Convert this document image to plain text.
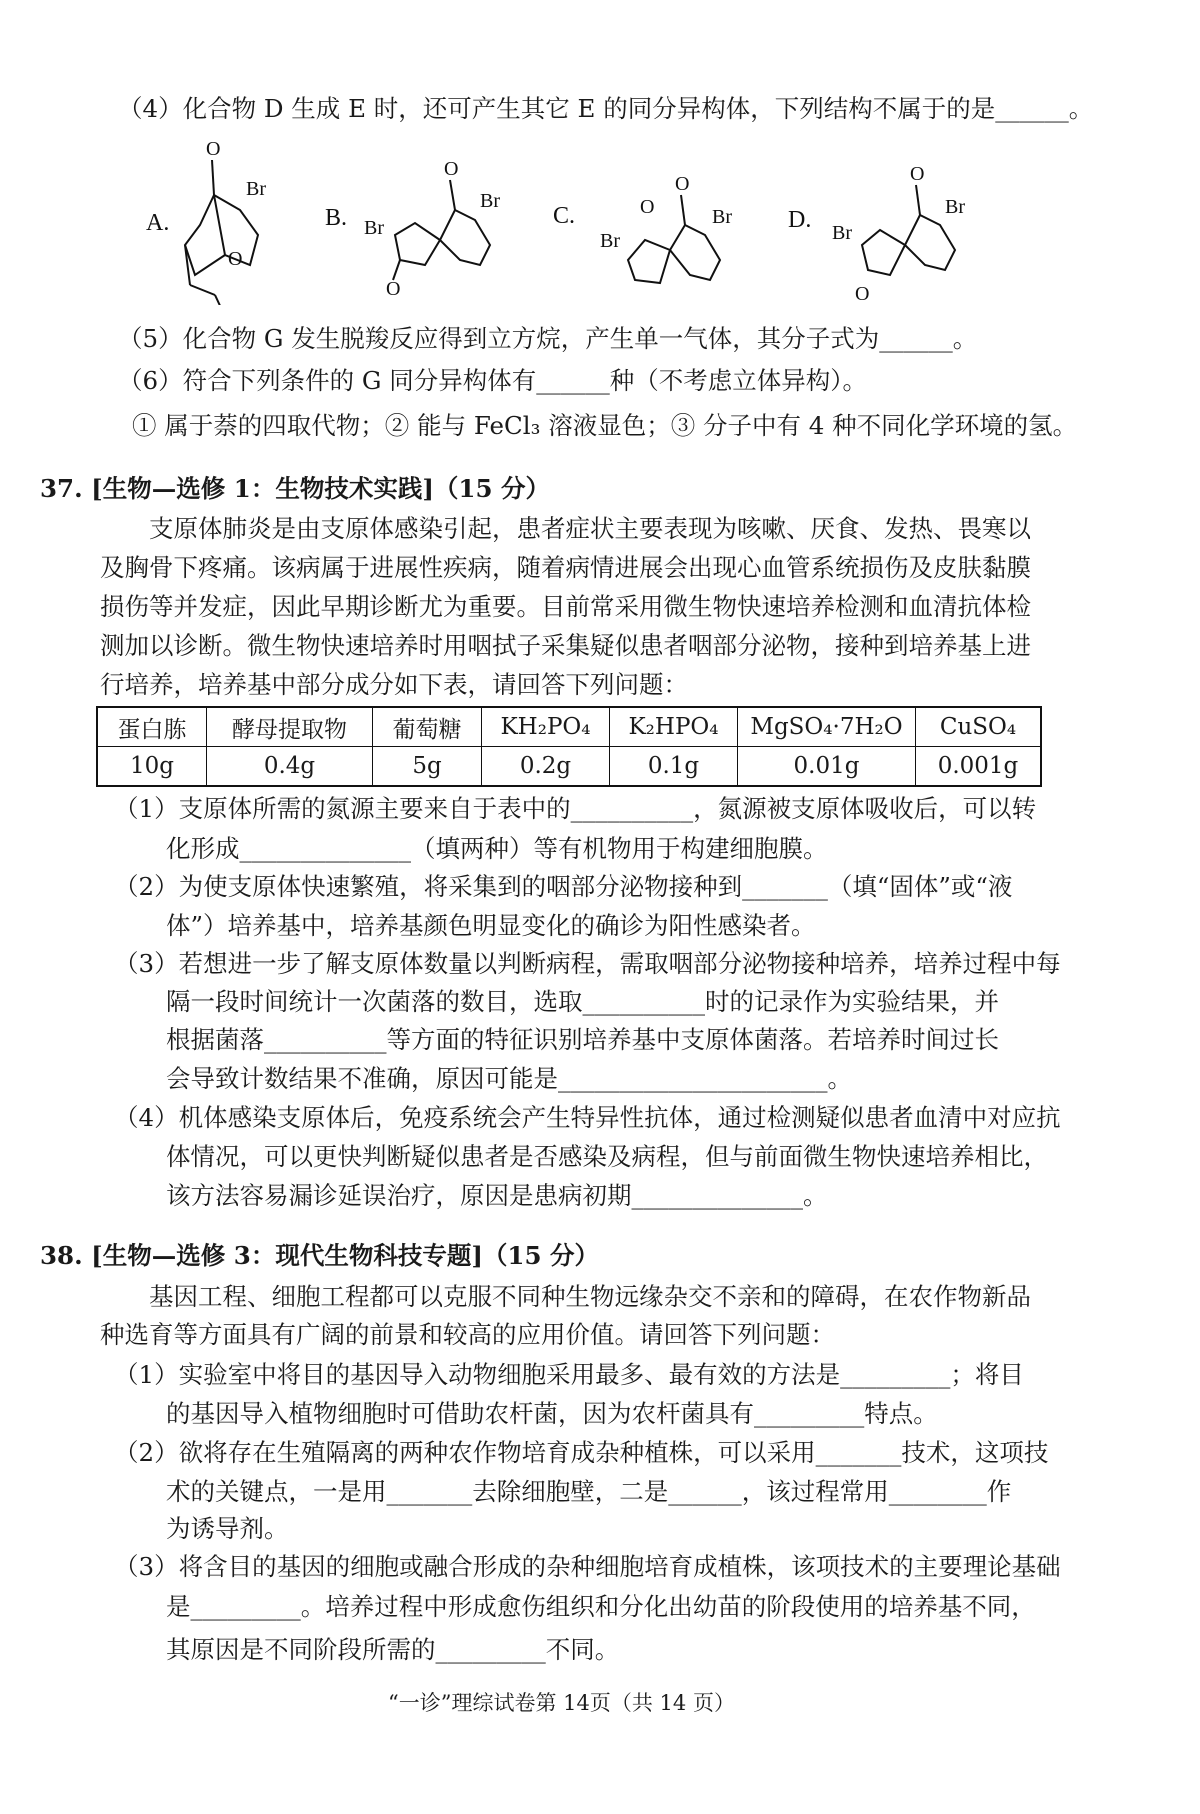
（4）化合物 D 生成 E 时，还可产生其它 E 的同分异构体，下列结构不属于的是______。
A.
O
Br
O
B.
O
Br
Br
O
C.
O
Br
O
Br
D.
O
Br
Br
O
（5）化合物 G 发生脱羧反应得到立方烷，产生单一气体，其分子式为______。
（6）符合下列条件的 G 同分异构体有______种（不考虑立体异构）。
① 属于萘的四取代物；② 能与 FeCl₃ 溶液显色；③ 分子中有 4 种不同化学环境的氢。
37. [生物—选修 1：生物技术实践]（15 分）
支原体肺炎是由支原体感染引起，患者症状主要表现为咳嗽、厌食、发热、畏寒以
及胸骨下疼痛。该病属于进展性疾病，随着病情进展会出现心血管系统损伤及皮肤黏膜
损伤等并发症，因此早期诊断尤为重要。目前常采用微生物快速培养检测和血清抗体检
测加以诊断。微生物快速培养时用咽拭子采集疑似患者咽部分泌物，接种到培养基上进
行培养，培养基中部分成分如下表，请回答下列问题：
蛋白胨	酵母提取物	葡萄糖	KH₂PO₄	K₂HPO₄	MgSO₄·7H₂O	CuSO₄
10g	0.4g	5g	0.2g	0.1g	0.01g	0.001g
（1）支原体所需的氮源主要来自于表中的__________，氮源被支原体吸收后，可以转
化形成______________（填两种）等有机物用于构建细胞膜。
（2）为使支原体快速繁殖，将采集到的咽部分泌物接种到_______（填“固体”或“液
体”）培养基中，培养基颜色明显变化的确诊为阳性感染者。
（3）若想进一步了解支原体数量以判断病程，需取咽部分泌物接种培养，培养过程中每
隔一段时间统计一次菌落的数目，选取__________时的记录作为实验结果，并
根据菌落__________等方面的特征识别培养基中支原体菌落。若培养时间过长
会导致计数结果不准确，原因可能是______________________。
（4）机体感染支原体后，免疫系统会产生特异性抗体，通过检测疑似患者血清中对应抗
体情况，可以更快判断疑似患者是否感染及病程，但与前面微生物快速培养相比，
该方法容易漏诊延误治疗，原因是患病初期______________。
38. [生物—选修 3：现代生物科技专题]（15 分）
基因工程、细胞工程都可以克服不同种生物远缘杂交不亲和的障碍，在农作物新品
种选育等方面具有广阔的前景和较高的应用价值。请回答下列问题：
（1）实验室中将目的基因导入动物细胞采用最多、最有效的方法是_________；将目
的基因导入植物细胞时可借助农杆菌，因为农杆菌具有_________特点。
（2）欲将存在生殖隔离的两种农作物培育成杂种植株，可以采用_______技术，这项技
术的关键点，一是用_______去除细胞壁，二是______，该过程常用________作
为诱导剂。
（3）将含目的基因的细胞或融合形成的杂种细胞培育成植株，该项技术的主要理论基础
是_________。培养过程中形成愈伤组织和分化出幼苗的阶段使用的培养基不同，
其原因是不同阶段所需的_________不同。
“一诊”理综试卷第 14页（共 14 页）
